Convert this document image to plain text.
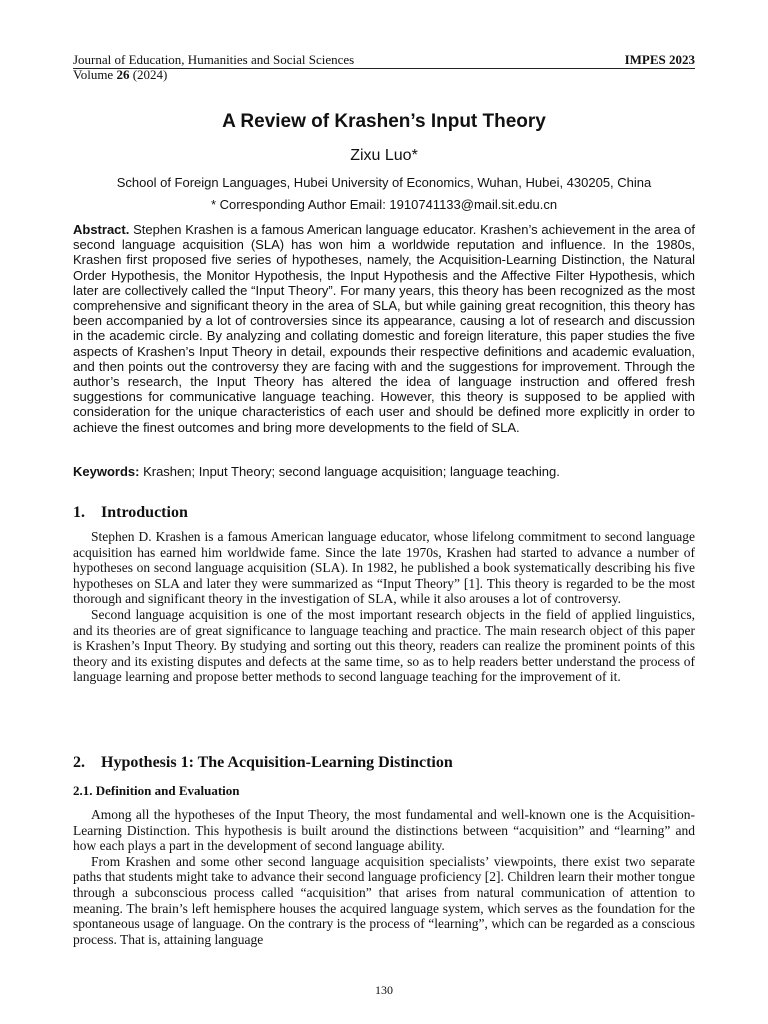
Journal of Education, Humanities and Social Sciences	IMPES 2023
Volume 26 (2024)
A Review of Krashen’s Input Theory
Zixu Luo*
School of Foreign Languages, Hubei University of Economics, Wuhan, Hubei, 430205, China
* Corresponding Author Email: 1910741133@mail.sit.edu.cn

Abstract. Stephen Krashen is a famous American language educator. Krashen’s achievement in the area of second language acquisition (SLA) has won him a worldwide reputation and influence. In the 1980s, Krashen first proposed five series of hypotheses, namely, the Acquisition-Learning Distinction, the Natural Order Hypothesis, the Monitor Hypothesis, the Input Hypothesis and the Affective Filter Hypothesis, which later are collectively called the “Input Theory”. For many years, this theory has been recognized as the most comprehensive and significant theory in the area of SLA, but while gaining great recognition, this theory has been accompanied by a lot of controversies since its appearance, causing a lot of research and discussion in the academic circle. By analyzing and collating domestic and foreign literature, this paper studies the five aspects of Krashen’s Input Theory in detail, expounds their respective definitions and academic evaluation, and then points out the controversy they are facing with and the suggestions for improvement. Through the author’s research, the Input Theory has altered the idea of language instruction and offered fresh suggestions for communicative language teaching. However, this theory is supposed to be applied with consideration for the unique characteristics of each user and should be defined more explicitly in order to achieve the finest outcomes and bring more developments to the field of SLA.

Keywords: Krashen; Input Theory; second language acquisition; language teaching.

1. Introduction

Stephen D. Krashen is a famous American language educator, whose lifelong commitment to second language acquisition has earned him worldwide fame. Since the late 1970s, Krashen had started to advance a number of hypotheses on second language acquisition (SLA). In 1982, he published a book systematically describing his five hypotheses on SLA and later they were summarized as “Input Theory” [1]. This theory is regarded to be the most thorough and significant theory in the investigation of SLA, while it also arouses a lot of controversy.

Second language acquisition is one of the most important research objects in the field of applied linguistics, and its theories are of great significance to language teaching and practice. The main research object of this paper is Krashen’s Input Theory. By studying and sorting out this theory, readers can realize the prominent points of this theory and its existing disputes and defects at the same time, so as to help readers better understand the process of language learning and propose better methods to second language teaching for the improvement of it.

2. Hypothesis 1: The Acquisition-Learning Distinction
2.1. Definition and Evaluation

Among all the hypotheses of the Input Theory, the most fundamental and well-known one is the Acquisition-Learning Distinction. This hypothesis is built around the distinctions between “acquisition” and “learning” and how each plays a part in the development of second language ability.

From Krashen and some other second language acquisition specialists’ viewpoints, there exist two separate paths that students might take to advance their second language proficiency [2]. Children learn their mother tongue through a subconscious process called “acquisition” that arises from natural communication of attention to meaning. The brain’s left hemisphere houses the acquired language system, which serves as the foundation for the spontaneous usage of language. On the contrary is the process of “learning”, which can be regarded as a conscious process. That is, attaining language

130
